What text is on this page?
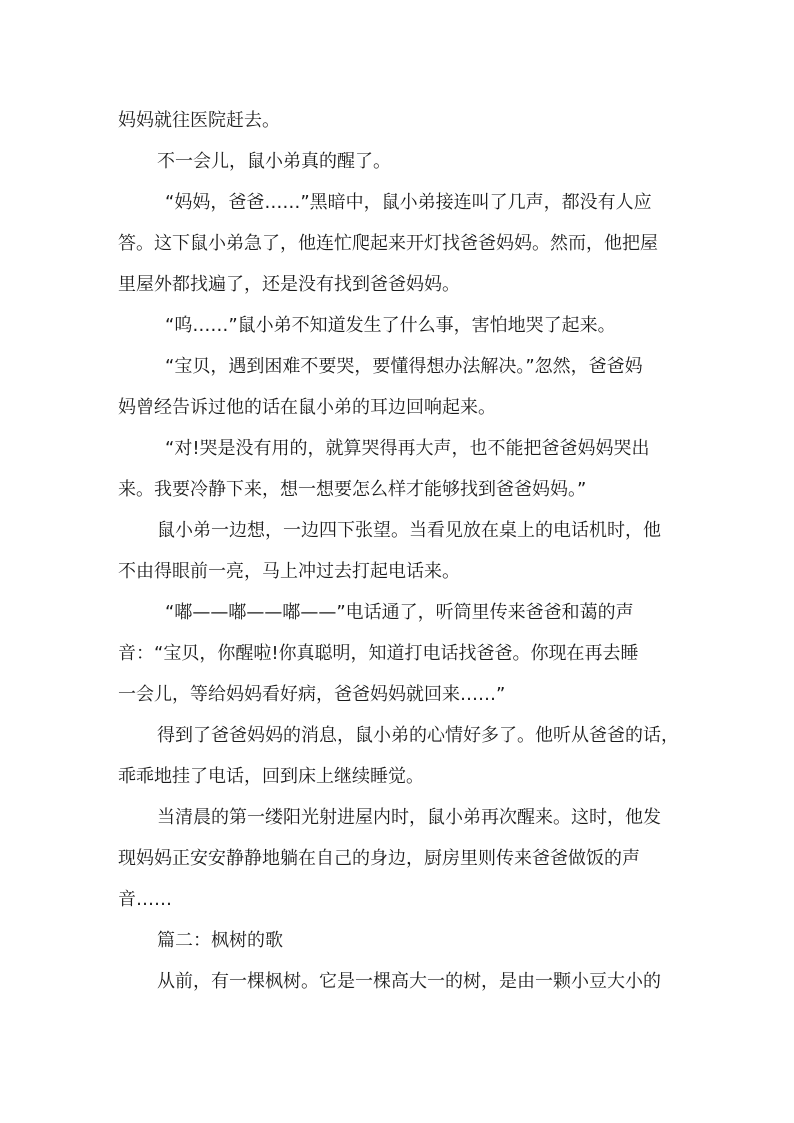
妈妈就往医院赶去。
不一会儿，鼠小弟真的醒了。
“妈妈，爸爸……”黑暗中，鼠小弟接连叫了几声，都没有人应
答。这下鼠小弟急了，他连忙爬起来开灯找爸爸妈妈。然而，他把屋
里屋外都找遍了，还是没有找到爸爸妈妈。
“呜……”鼠小弟不知道发生了什么事，害怕地哭了起来。
“宝贝，遇到困难不要哭，要懂得想办法解决。”忽然，爸爸妈
妈曾经告诉过他的话在鼠小弟的耳边回响起来。
“对!哭是没有用的，就算哭得再大声，也不能把爸爸妈妈哭出
来。我要冷静下来，想一想要怎么样才能够找到爸爸妈妈。”
鼠小弟一边想，一边四下张望。当看见放在桌上的电话机时，他
不由得眼前一亮，马上冲过去打起电话来。
“嘟——嘟——嘟——”电话通了，听筒里传来爸爸和蔼的声
音：“宝贝，你醒啦!你真聪明，知道打电话找爸爸。你现在再去睡
一会儿，等给妈妈看好病，爸爸妈妈就回来……”
得到了爸爸妈妈的消息，鼠小弟的心情好多了。他听从爸爸的话，
乖乖地挂了电话，回到床上继续睡觉。
当清晨的第一缕阳光射进屋内时，鼠小弟再次醒来。这时，他发
现妈妈正安安静静地躺在自己的身边，厨房里则传来爸爸做饭的声
音……
篇二：枫树的歌
从前，有一棵枫树。它是一棵高大一的树，是由一颗小豆大小的
